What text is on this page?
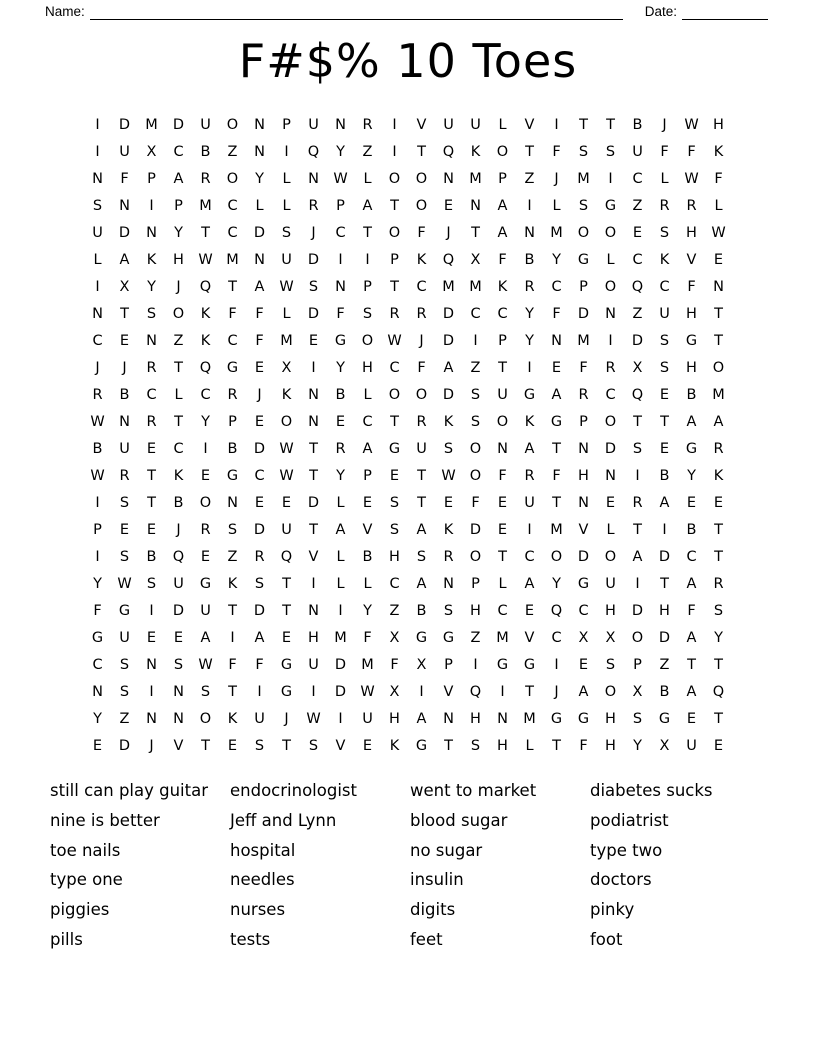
Name:	Date:
F#$% 10 Toes
I D M D U O N P U N R I V U U L V I T T B J W H
I U X C B Z N I Q Y Z I T Q K O T F S S U F F K
N F P A R O Y L N W L O O N M P Z J M I C L W F
S N I P M C L L R P A T O E N A I L S G Z R R L
U D N Y T C D S J C T O F J T A N M O O E S H W
L A K H W M N U D I I P K Q X F B Y G L C K V E
I X Y J Q T A W S N P T C M M K R C P O Q C F N
N T S O K F F L D F S R R D C C Y F D N Z U H T
C E N Z K C F M E G O W J D I P Y N M I D S G T
J J R T Q G E X I Y H C F A Z T I E F R X S H O
R B C L C R J K N B L O O D S U G A R C Q E B M
W N R T Y P E O N E C T R K S O K G P O T T A A
B U E C I B D W T R A G U S O N A T N D S E G R
W R T K E G C W T Y P E T W O F R F H N I B Y K
I S T B O N E E D L E S T E F E U T N E R A E E
P E E J R S D U T A V S A K D E I M V L T I B T
I S B Q E Z R Q V L B H S R O T C O D O A D C T
Y W S U G K S T I L L C A N P L A Y G U I T A R
F G I D U T D T N I Y Z B S H C E Q C H D H F S
G U E E A I A E H M F X G G Z M V C X X O D A Y
C S N S W F F G U D M F X P I G G I E S P Z T T
N S I N S T I G I D W X I V Q I T J A O X B A Q
Y Z N N O K U J W I U H A N H N M G G H S G E T
E D J V T E S T S V E K G T S H L T F H Y X U E
still can play guitar
nine is better
toe nails
type one
piggies
pills
endocrinologist
Jeff and Lynn
hospital
needles
nurses
tests
went to market
blood sugar
no sugar
insulin
digits
feet
diabetes sucks
podiatrist
type two
doctors
pinky
foot
